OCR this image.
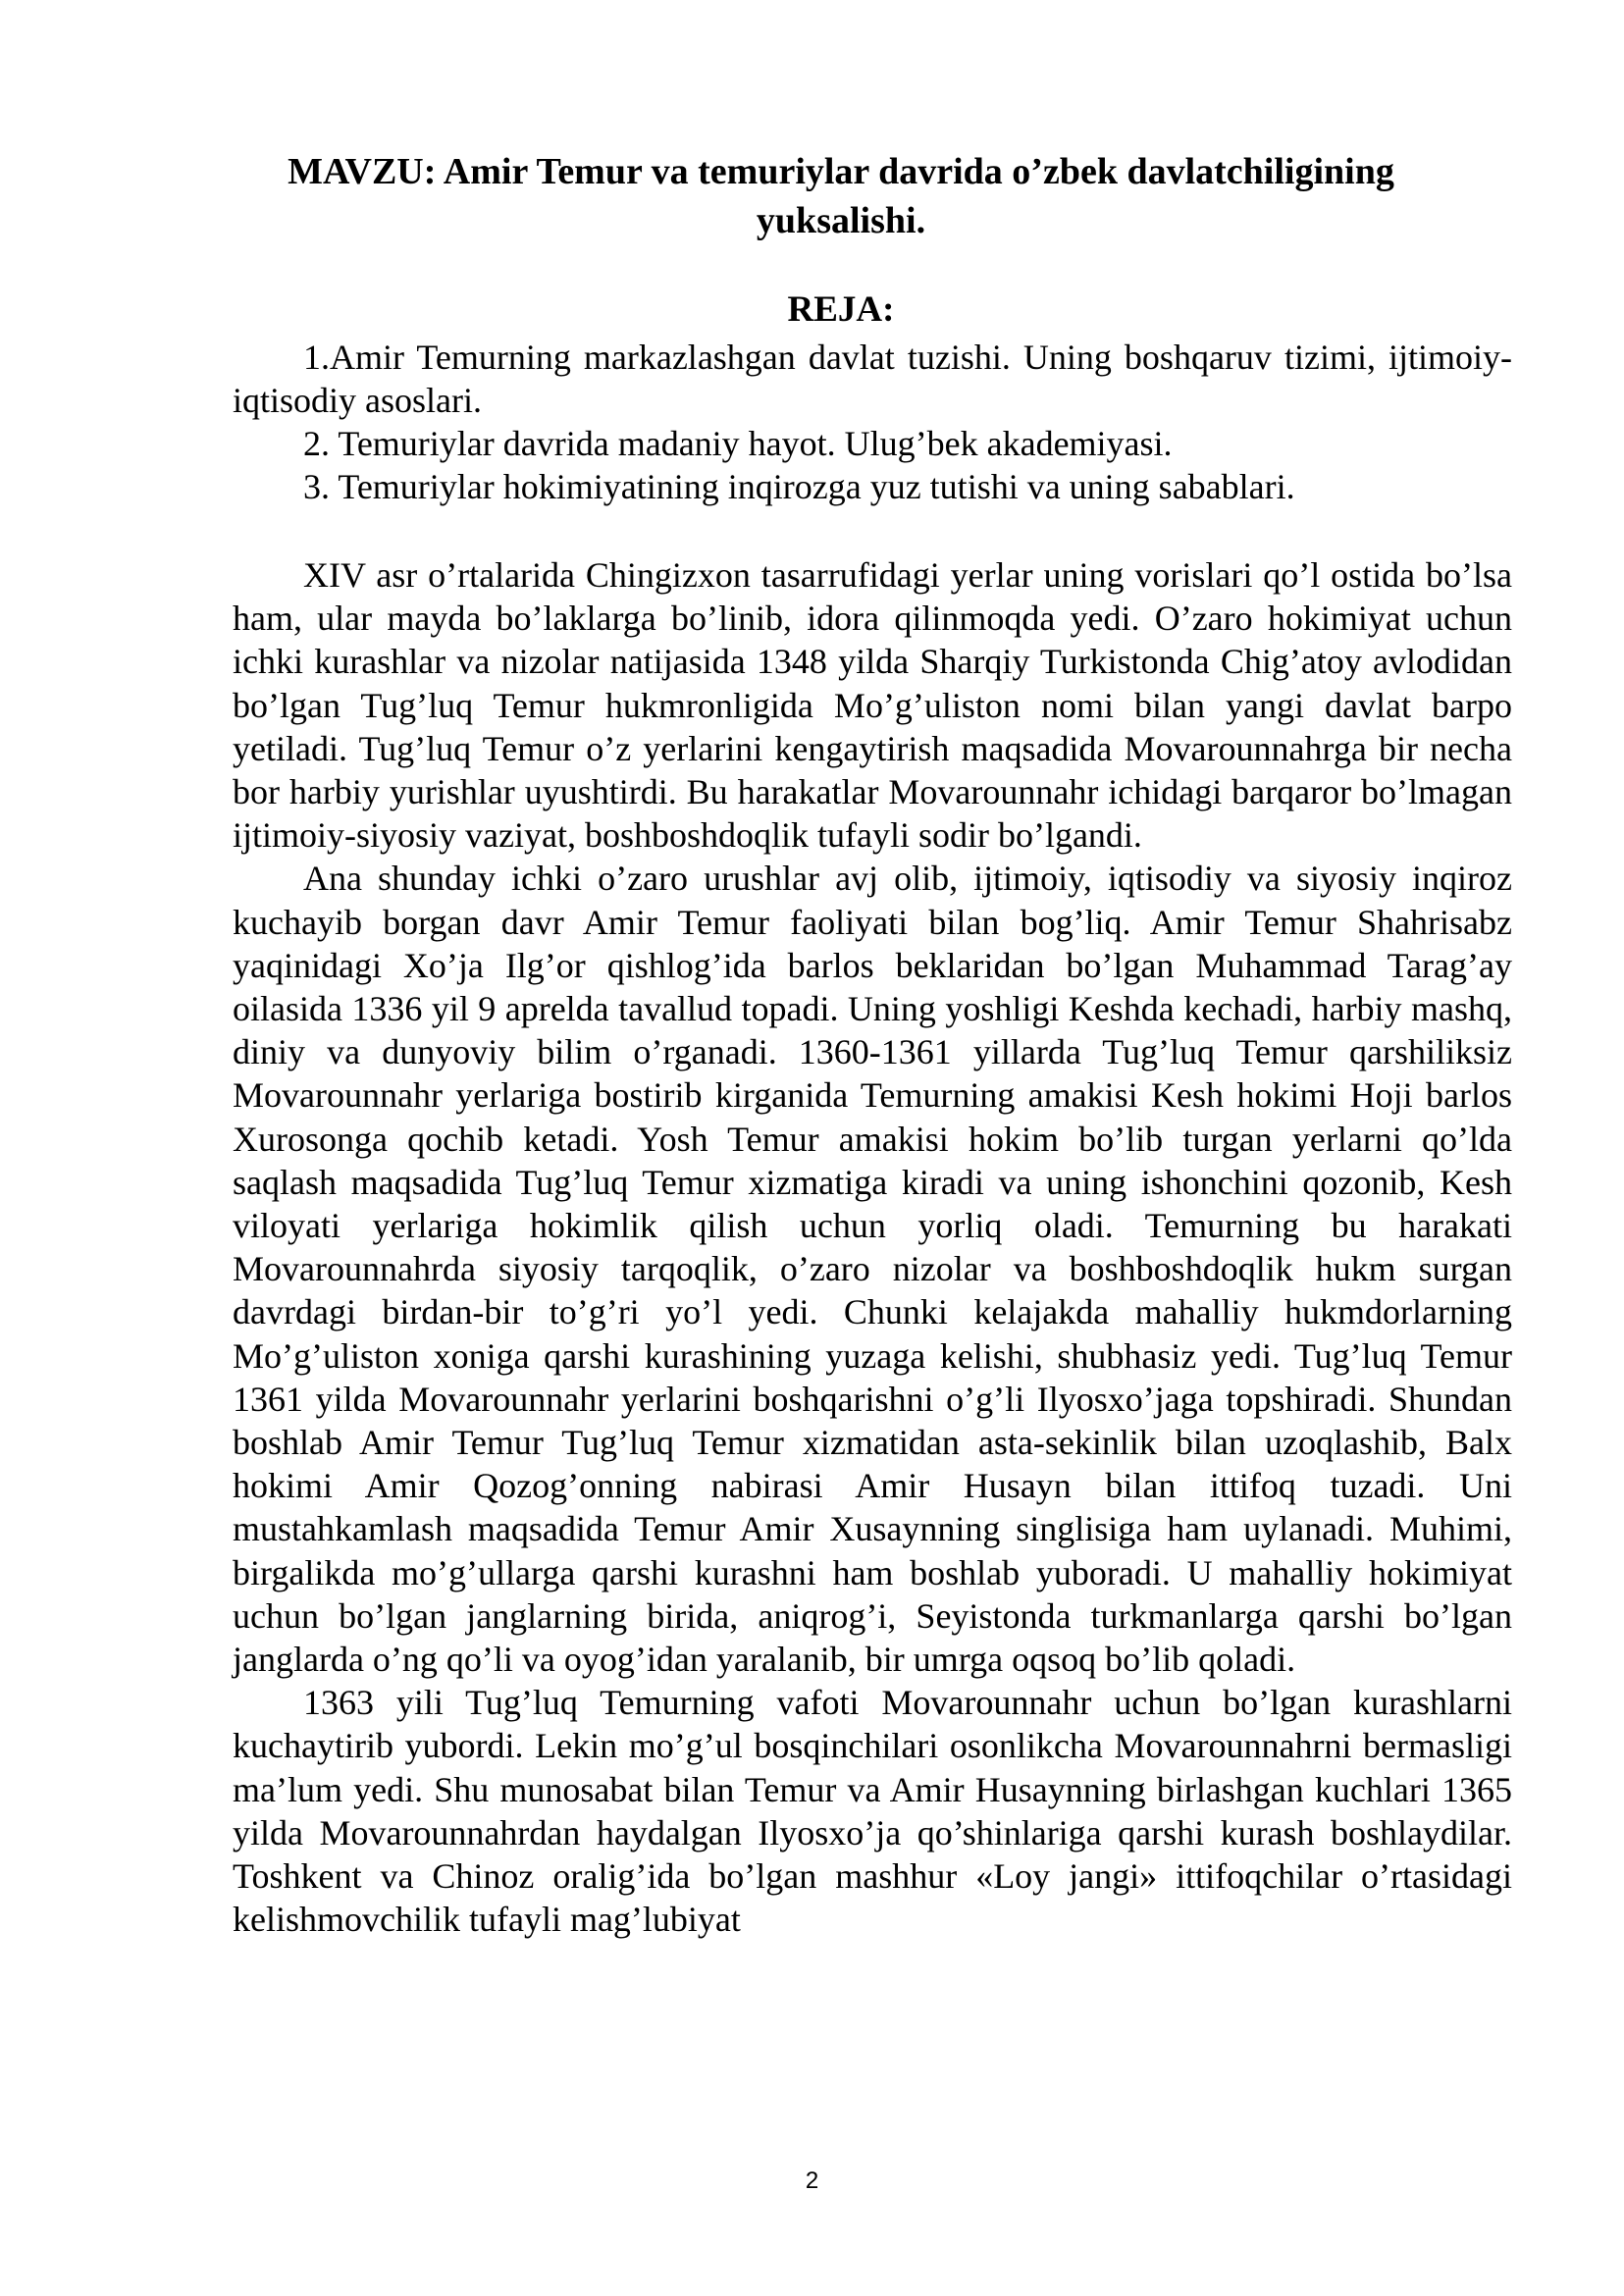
MAVZU: Amir Temur va temuriylar davrida o’zbek davlatchiligining yuksalishi.
REJA:
1.Amir Temurning markazlashgan davlat tuzishi. Uning boshqaruv tizimi, ijtimoiy-iqtisodiy asoslari.
2. Temuriylar davrida madaniy hayot. Ulug’bek akademiyasi.
3. Temuriylar hokimiyatining inqirozga yuz tutishi va uning sabablari.

XIV asr o’rtalarida Chingizxon tasarrufidagi yerlar uning vorislari qo’l ostida bo’lsa ham, ular mayda bo’laklarga bo’linib, idora qilinmoqda yedi. O’zaro hokimiyat uchun ichki kurashlar va nizolar natijasida 1348 yilda Sharqiy Turkistonda Chig’atoy avlodidan bo’lgan Tug’luq Temur hukmronligida Mo’g’uliston nomi bilan yangi davlat barpo yetiladi. Tug’luq Temur o’z yerlarini kengaytirish maqsadida Movarounnahrga bir necha bor harbiy yurishlar uyushtirdi. Bu harakatlar Movarounnahr ichidagi barqaror bo’lmagan ijtimoiy-siyosiy vaziyat, boshboshdoqlik tufayli sodir bo’lgandi.

Ana shunday ichki o’zaro urushlar avj olib, ijtimoiy, iqtisodiy va siyosiy inqiroz kuchayib borgan davr Amir Temur faoliyati bilan bog’liq. Amir Temur Shahrisabz yaqinidagi Xo’ja Ilg’or qishlog’ida barlos beklaridan bo’lgan Muhammad Tarag’ay oilasida 1336 yil 9 aprelda tavallud topadi. Uning yoshligi Keshda kechadi, harbiy mashq, diniy va dunyoviy bilim o’rganadi. 1360-1361 yillarda Tug’luq Temur qarshiliksiz Movarounnahr yerlariga bostirib kirganida Temurning amakisi Kesh hokimi Hoji barlos Xurosonga qochib ketadi. Yosh Temur amakisi hokim bo’lib turgan yerlarni qo’lda saqlash maqsadida Tug’luq Temur xizmatiga kiradi va uning ishonchini qozonib, Kesh viloyati yerlariga hokimlik qilish uchun yorliq oladi. Temurning bu harakati Movarounnahrda siyosiy tarqoqlik, o’zaro nizolar va boshboshdoqlik hukm surgan davrdagi birdan-bir to’g’ri yo’l yedi. Chunki kelajakda mahalliy hukmdorlarning Mo’g’uliston xoniga qarshi kurashining yuzaga kelishi, shubhasiz yedi. Tug’luq Temur 1361 yilda Movarounnahr yerlarini boshqarishni o’g’li Ilyosxo’jaga topshiradi. Shundan boshlab Amir Temur Tug’luq Temur xizmatidan asta-sekinlik bilan uzoqlashib, Balx hokimi Amir Qozog’onning nabirasi Amir Husayn bilan ittifoq tuzadi. Uni mustahkamlash maqsadida Temur Amir Xusaynning singlisiga ham uylanadi. Muhimi, birgalikda mo’g’ullarga qarshi kurashni ham boshlab yuboradi. U mahalliy hokimiyat uchun bo’lgan janglarning birida, aniqrog’i, Seyistonda turkmanlarga qarshi bo’lgan janglarda o’ng qo’li va oyog’idan yaralanib, bir umrga oqsoq bo’lib qoladi.

1363 yili Tug’luq Temurning vafoti Movarounnahr uchun bo’lgan kurashlarni kuchaytirib yubordi. Lekin mo’g’ul bosqinchilari osonlikcha Movarounnahrni bermasligi ma’lum yedi. Shu munosabat bilan Temur va Amir Husaynning birlashgan kuchlari 1365 yilda Movarounnahrdan haydalgan Ilyosxo’ja qo’shinlariga qarshi kurash boshlaydilar. Toshkent va Chinoz oralig’ida bo’lgan mashhur «Loy jangi» ittifoqchilar o’rtasidagi kelishmovchilik tufayli mag’lubiyat

2
